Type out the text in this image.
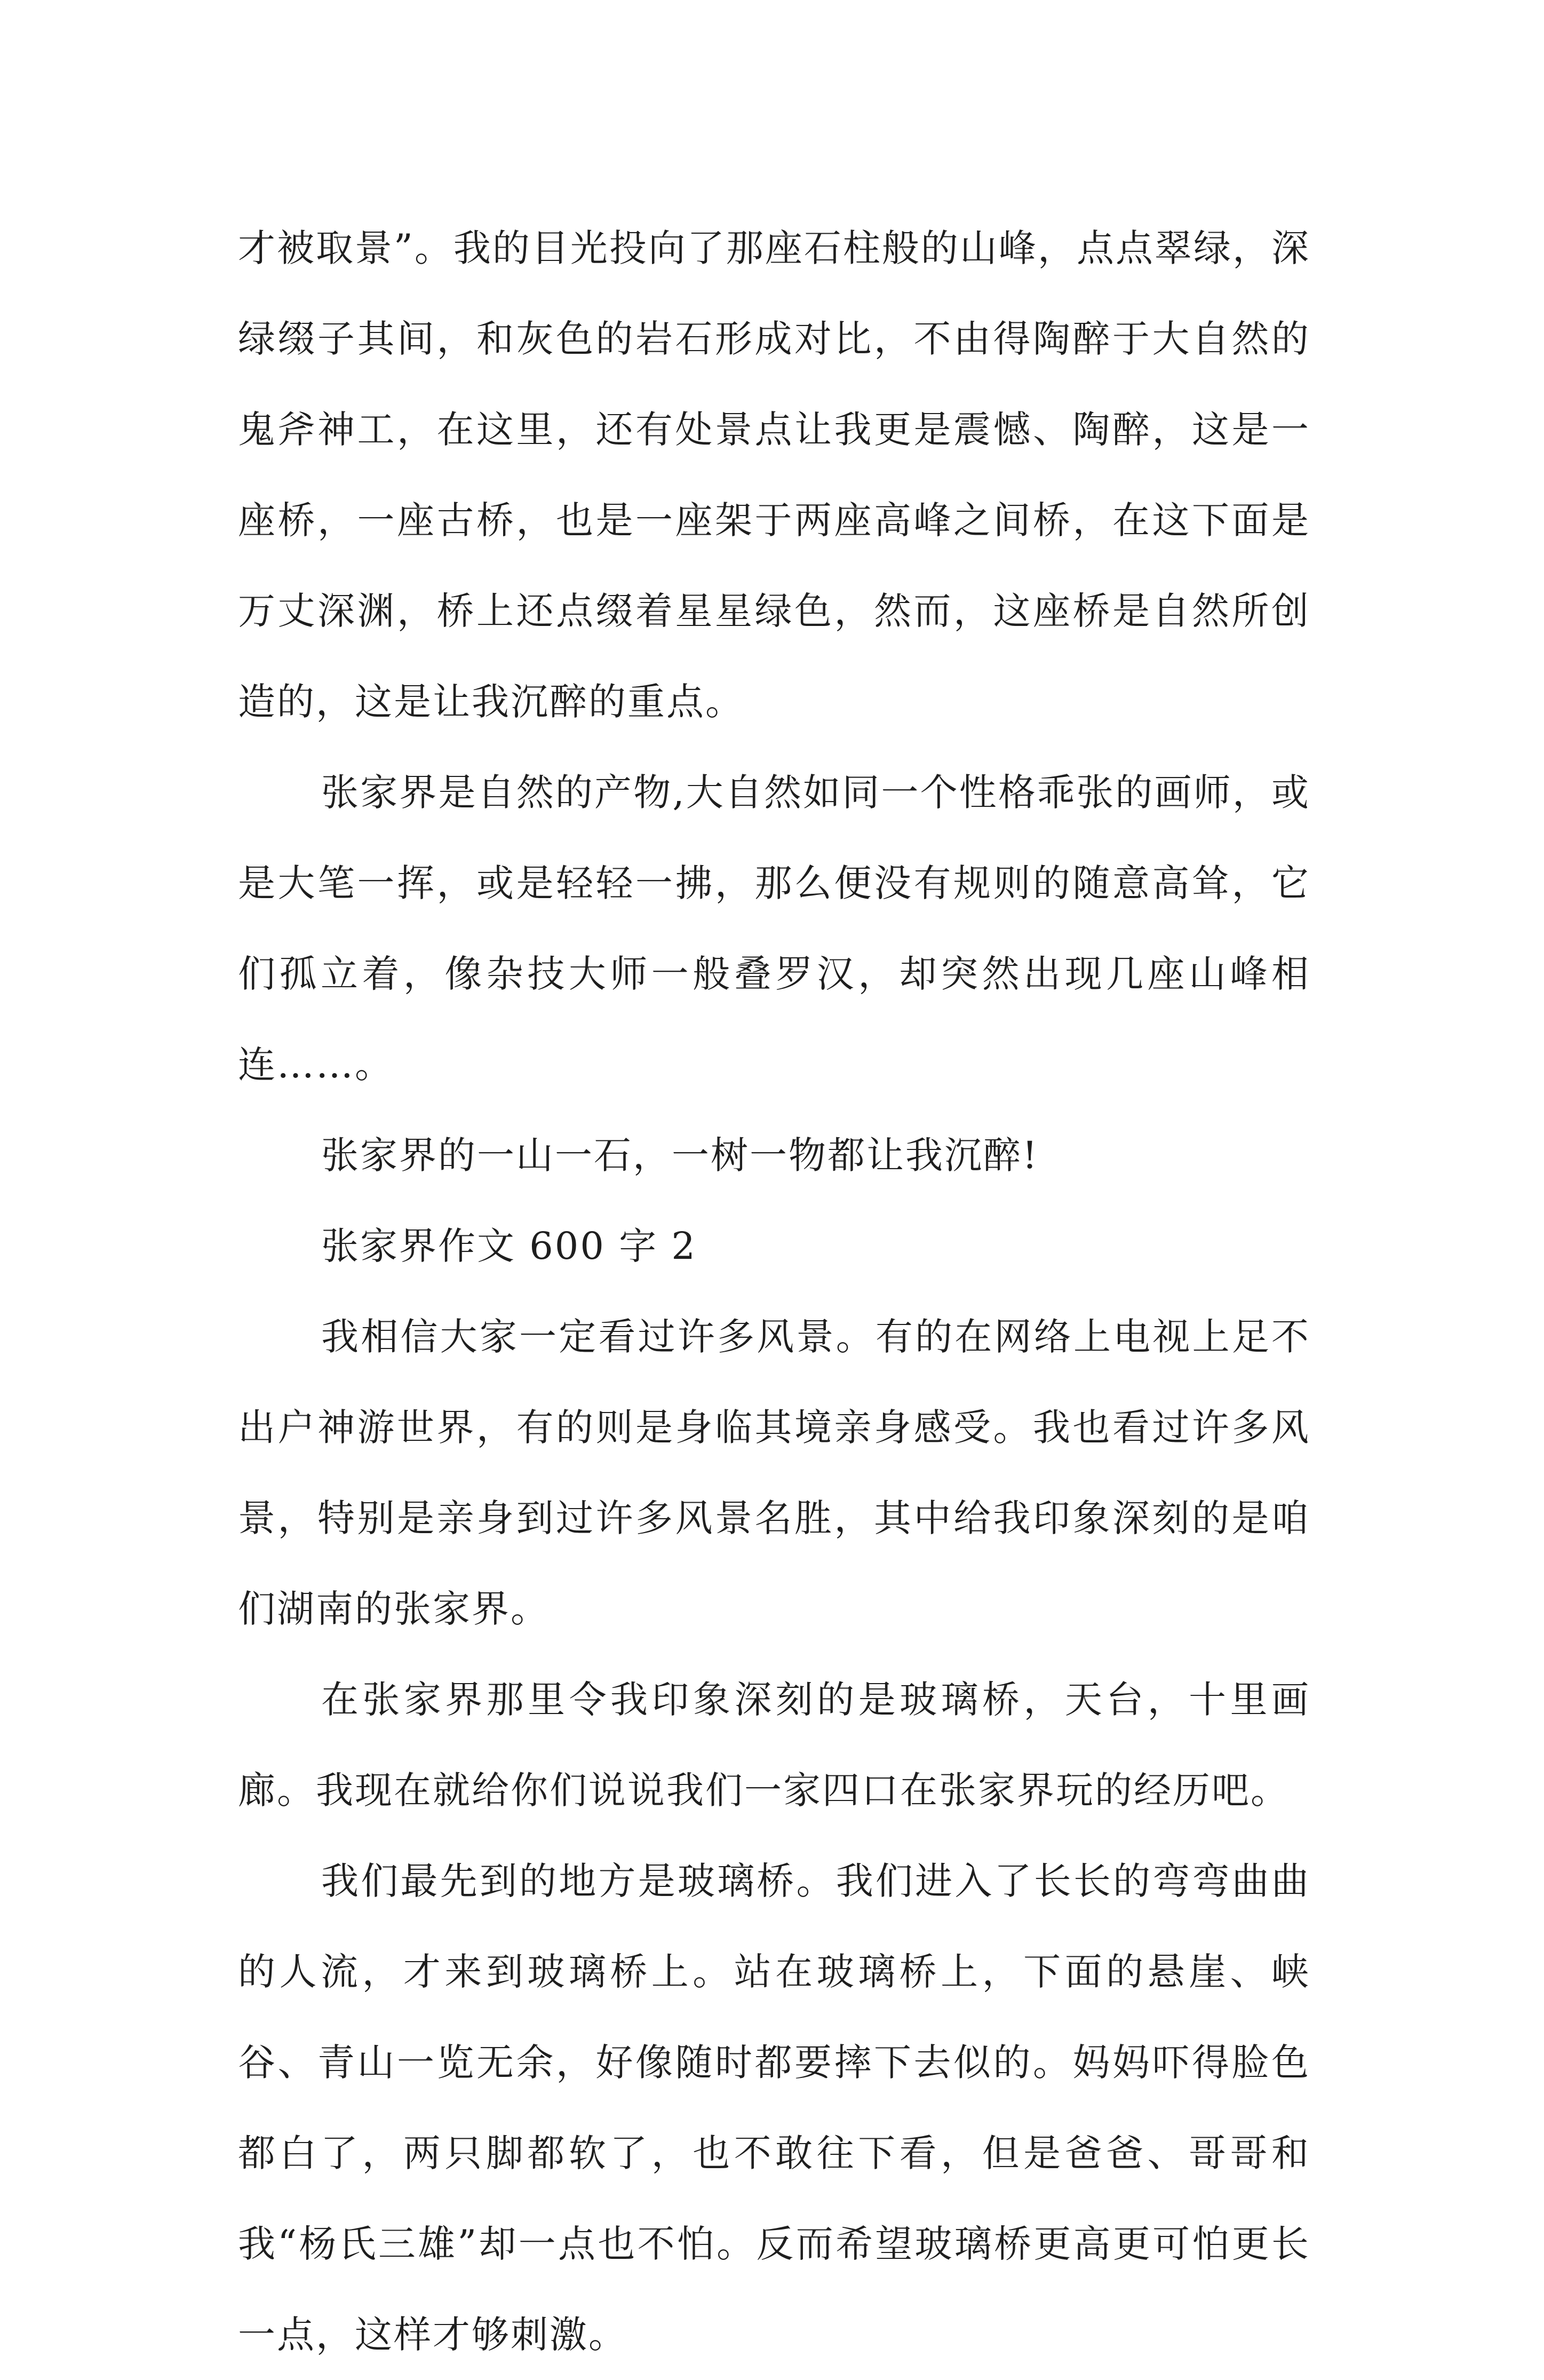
才被取景”。我的目光投向了那座石柱般的山峰，点点翠绿，深绿缀子其间，和灰色的岩石形成对比，不由得陶醉于大自然的鬼斧神工，在这里，还有处景点让我更是震憾、陶醉，这是一座桥，一座古桥，也是一座架于两座高峰之间桥，在这下面是万丈深渊，桥上还点缀着星星绿色，然而，这座桥是自然所创造的，这是让我沉醉的重点。

张家界是自然的产物,大自然如同一个性格乖张的画师，或是大笔一挥，或是轻轻一拂，那么便没有规则的随意高耸，它们孤立着，像杂技大师一般叠罗汉，却突然出现几座山峰相连……。

张家界的一山一石，一树一物都让我沉醉!

张家界作文 600 字 2

我相信大家一定看过许多风景。有的在网络上电视上足不出户神游世界，有的则是身临其境亲身感受。我也看过许多风景，特别是亲身到过许多风景名胜，其中给我印象深刻的是咱们湖南的张家界。

在张家界那里令我印象深刻的是玻璃桥，天台，十里画廊。我现在就给你们说说我们一家四口在张家界玩的经历吧。

我们最先到的地方是玻璃桥。我们进入了长长的弯弯曲曲的人流，才来到玻璃桥上。站在玻璃桥上，下面的悬崖、峡谷、青山一览无余，好像随时都要摔下去似的。妈妈吓得脸色都白了，两只脚都软了，也不敢往下看，但是爸爸、哥哥和我“杨氏三雄”却一点也不怕。反而希望玻璃桥更高更可怕更长一点，这样才够刺激。
